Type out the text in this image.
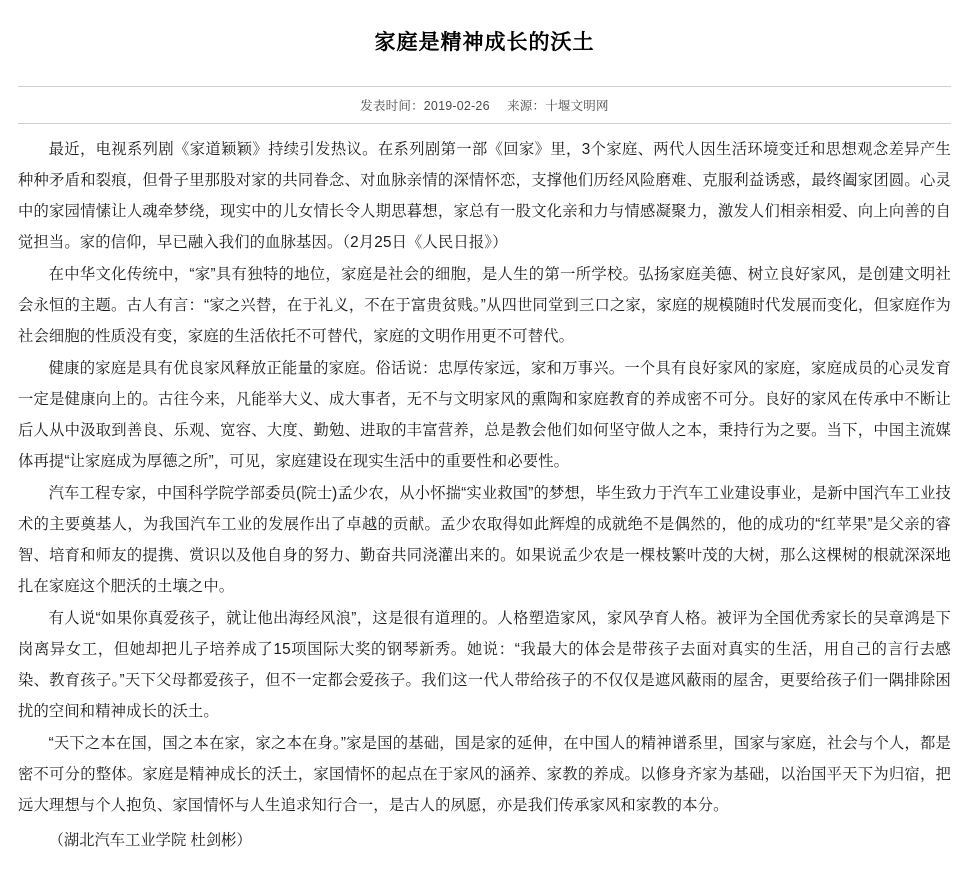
家庭是精神成长的沃土
发表时间：2019-02-26 来源：十堰文明网

最近，电视系列剧《家道颖颖》持续引发热议。在系列剧第一部《回家》里，3个家庭、两代人因生活环境变迁和思想观念差异产生种种矛盾和裂痕，但骨子里那股对家的共同眷念、对血脉亲情的深情怀恋，支撑他们历经风险磨难、克服利益诱惑，最终阖家团圆。心灵中的家园情愫让人魂牵梦绕，现实中的儿女情长令人期思暮想，家总有一股文化亲和力与情感凝聚力，激发人们相亲相爱、向上向善的自觉担当。家的信仰，早已融入我们的血脉基因。（2月25日《人民日报》）

在中华文化传统中，“家”具有独特的地位，家庭是社会的细胞，是人生的第一所学校。弘扬家庭美德、树立良好家风，是创建文明社会永恒的主题。古人有言：“家之兴替，在于礼义，不在于富贵贫贱。”从四世同堂到三口之家，家庭的规模随时代发展而变化，但家庭作为社会细胞的性质没有变，家庭的生活依托不可替代，家庭的文明作用更不可替代。

健康的家庭是具有优良家风释放正能量的家庭。俗话说：忠厚传家远，家和万事兴。一个具有良好家风的家庭，家庭成员的心灵发育一定是健康向上的。古往今来，凡能举大义、成大事者，无不与文明家风的熏陶和家庭教育的养成密不可分。良好的家风在传承中不断让后人从中汲取到善良、乐观、宽容、大度、勤勉、进取的丰富营养，总是教会他们如何坚守做人之本，秉持行为之要。当下，中国主流媒体再提“让家庭成为厚德之所”，可见，家庭建设在现实生活中的重要性和必要性。

汽车工程专家，中国科学院学部委员(院士)孟少农，从小怀揣“实业救国”的梦想，毕生致力于汽车工业建设事业，是新中国汽车工业技术的主要奠基人，为我国汽车工业的发展作出了卓越的贡献。孟少农取得如此辉煌的成就绝不是偶然的，他的成功的“红苹果”是父亲的睿智、培育和师友的提携、赏识以及他自身的努力、勤奋共同浇灌出来的。如果说孟少农是一棵枝繁叶茂的大树，那么这棵树的根就深深地扎在家庭这个肥沃的土壤之中。

有人说“如果你真爱孩子，就让他出海经风浪”，这是很有道理的。人格塑造家风，家风孕育人格。被评为全国优秀家长的吴章鸿是下岗离异女工，但她却把儿子培养成了15项国际大奖的钢琴新秀。她说：“我最大的体会是带孩子去面对真实的生活，用自己的言行去感染、教育孩子。”天下父母都爱孩子，但不一定都会爱孩子。我们这一代人带给孩子的不仅仅是遮风蔽雨的屋舍，更要给孩子们一隅排除困扰的空间和精神成长的沃土。

“天下之本在国，国之本在家，家之本在身。”家是国的基础，国是家的延伸，在中国人的精神谱系里，国家与家庭，社会与个人，都是密不可分的整体。家庭是精神成长的沃土，家国情怀的起点在于家风的涵养、家教的养成。以修身齐家为基础，以治国平天下为归宿，把远大理想与个人抱负、家国情怀与人生追求知行合一，是古人的夙愿，亦是我们传承家风和家教的本分。

（湖北汽车工业学院 杜剑彬）
